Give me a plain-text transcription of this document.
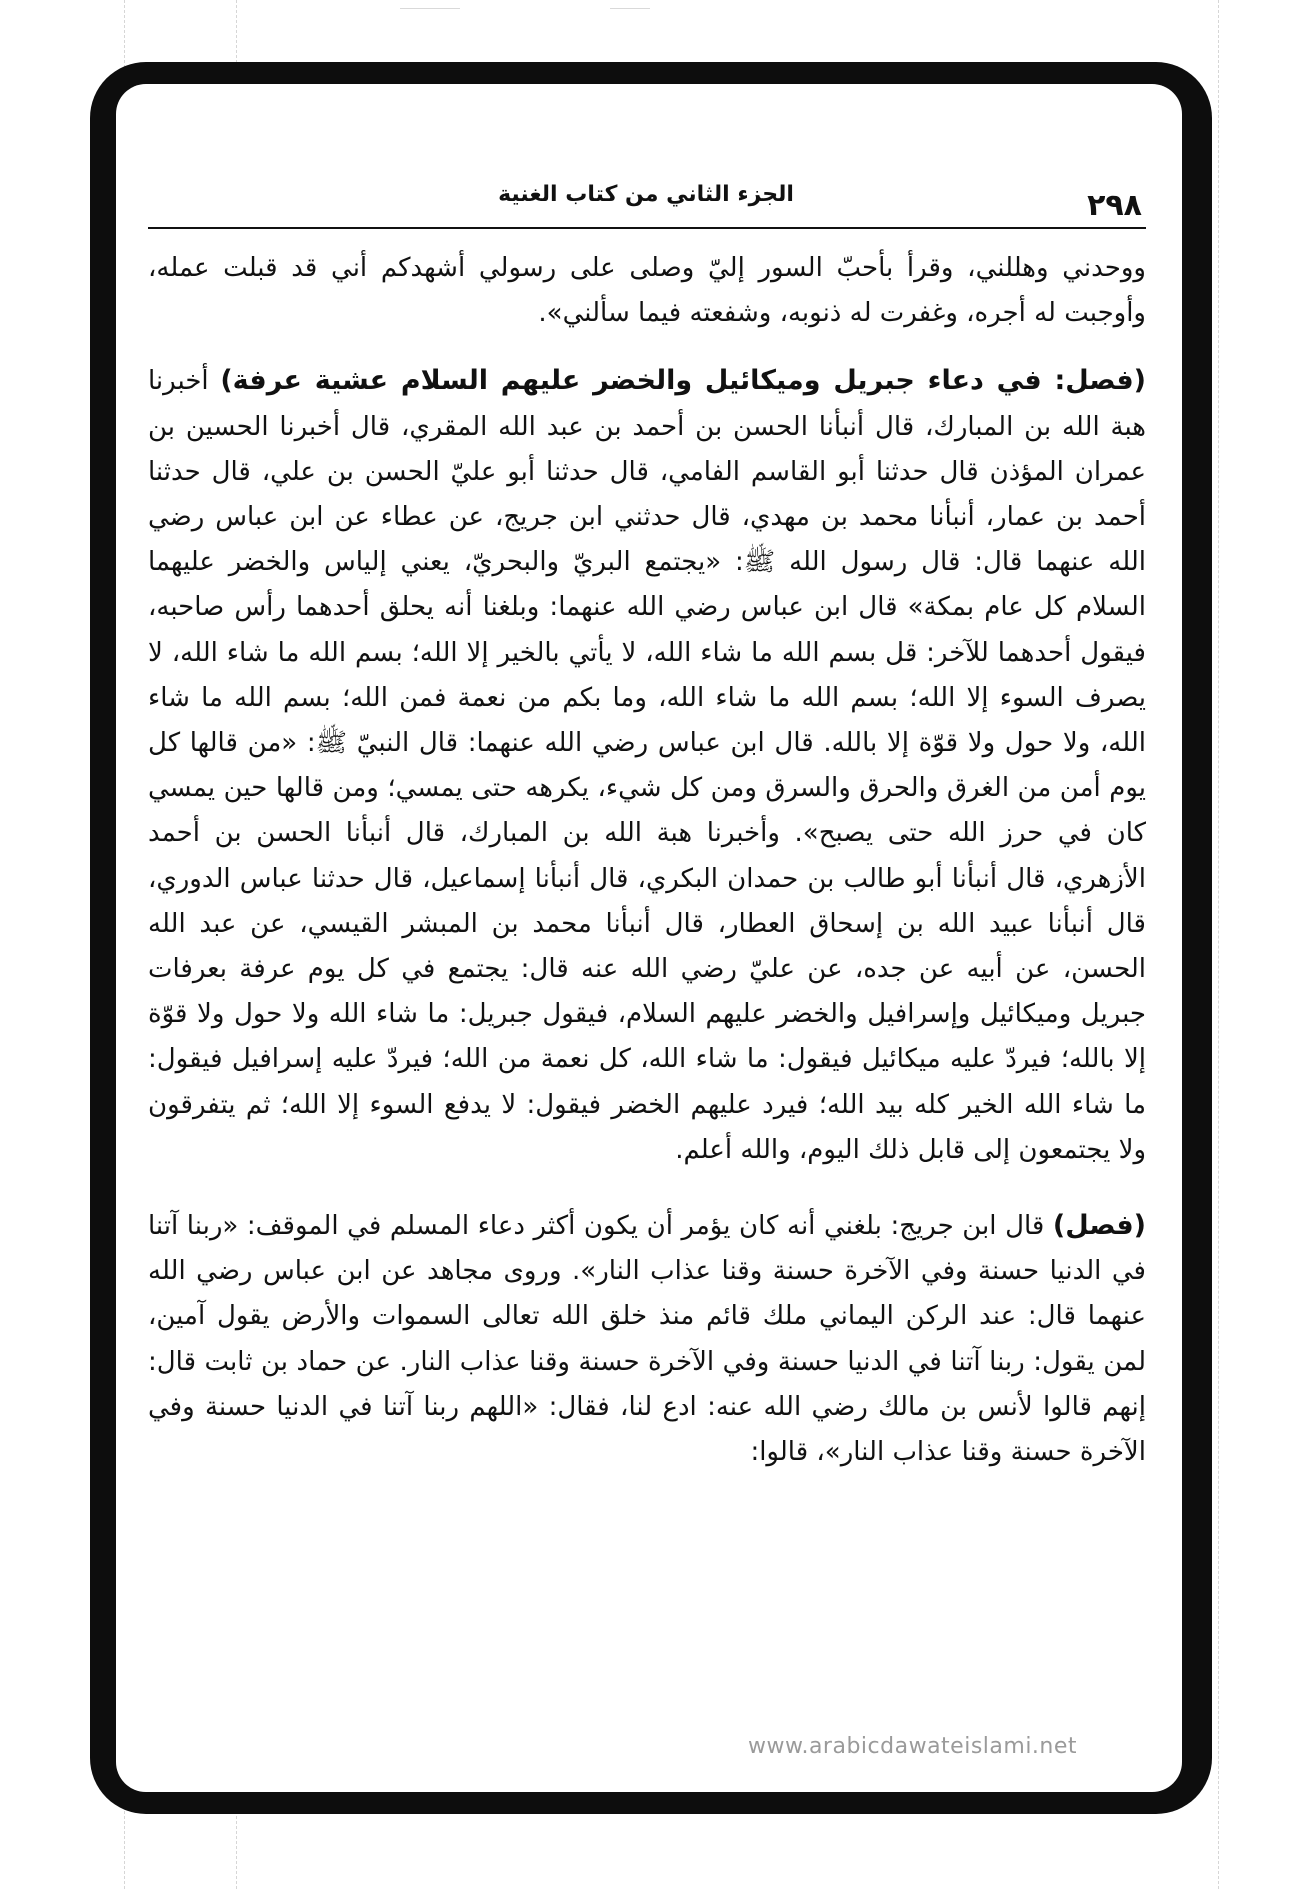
٢٩٨
الجزء الثاني من كتاب الغنية

ووحدني وهللني، وقرأ بأحبّ السور إليّ وصلى على رسولي أشهدكم أني قد قبلت عمله، وأوجبت له أجره، وغفرت له ذنوبه، وشفعته فيما سألني».

(فصل: في دعاء جبريل وميكائيل والخضر عليهم السلام عشية عرفة) أخبرنا هبة الله بن المبارك، قال أنبأنا الحسن بن أحمد بن عبد الله المقري، قال أخبرنا الحسين بن عمران المؤذن قال حدثنا أبو القاسم الفامي، قال حدثنا أبو عليّ الحسن بن علي، قال حدثنا أحمد بن عمار، أنبأنا محمد بن مهدي، قال حدثني ابن جريج، عن عطاء عن ابن عباس رضي الله عنهما قال: قال رسول الله ﷺ: «يجتمع البريّ والبحريّ، يعني إلياس والخضر عليهما السلام كل عام بمكة» قال ابن عباس رضي الله عنهما: وبلغنا أنه يحلق أحدهما رأس صاحبه، فيقول أحدهما للآخر: قل بسم الله ما شاء الله، لا يأتي بالخير إلا الله؛ بسم الله ما شاء الله، لا يصرف السوء إلا الله؛ بسم الله ما شاء الله، وما بكم من نعمة فمن الله؛ بسم الله ما شاء الله، ولا حول ولا قوّة إلا بالله. قال ابن عباس رضي الله عنهما: قال النبيّ ﷺ: «من قالها كل يوم أمن من الغرق والحرق والسرق ومن كل شيء، يكرهه حتى يمسي؛ ومن قالها حين يمسي كان في حرز الله حتى يصبح». وأخبرنا هبة الله بن المبارك، قال أنبأنا الحسن بن أحمد الأزهري، قال أنبأنا أبو طالب بن حمدان البكري، قال أنبأنا إسماعيل، قال حدثنا عباس الدوري، قال أنبأنا عبيد الله بن إسحاق العطار، قال أنبأنا محمد بن المبشر القيسي، عن عبد الله الحسن، عن أبيه عن جده، عن عليّ رضي الله عنه قال: يجتمع في كل يوم عرفة بعرفات جبريل وميكائيل وإسرافيل والخضر عليهم السلام، فيقول جبريل: ما شاء الله ولا حول ولا قوّة إلا بالله؛ فيردّ عليه ميكائيل فيقول: ما شاء الله، كل نعمة من الله؛ فيردّ عليه إسرافيل فيقول: ما شاء الله الخير كله بيد الله؛ فيرد عليهم الخضر فيقول: لا يدفع السوء إلا الله؛ ثم يتفرقون ولا يجتمعون إلى قابل ذلك اليوم، والله أعلم.

(فصل) قال ابن جريج: بلغني أنه كان يؤمر أن يكون أكثر دعاء المسلم في الموقف: «ربنا آتنا في الدنيا حسنة وفي الآخرة حسنة وقنا عذاب النار». وروى مجاهد عن ابن عباس رضي الله عنهما قال: عند الركن اليماني ملك قائم منذ خلق الله تعالى السموات والأرض يقول آمين، لمن يقول: ربنا آتنا في الدنيا حسنة وفي الآخرة حسنة وقنا عذاب النار. عن حماد بن ثابت قال: إنهم قالوا لأنس بن مالك رضي الله عنه: ادع لنا، فقال: «اللهم ربنا آتنا في الدنيا حسنة وفي الآخرة حسنة وقنا عذاب النار»، قالوا:

www.arabicdawateislami.net
